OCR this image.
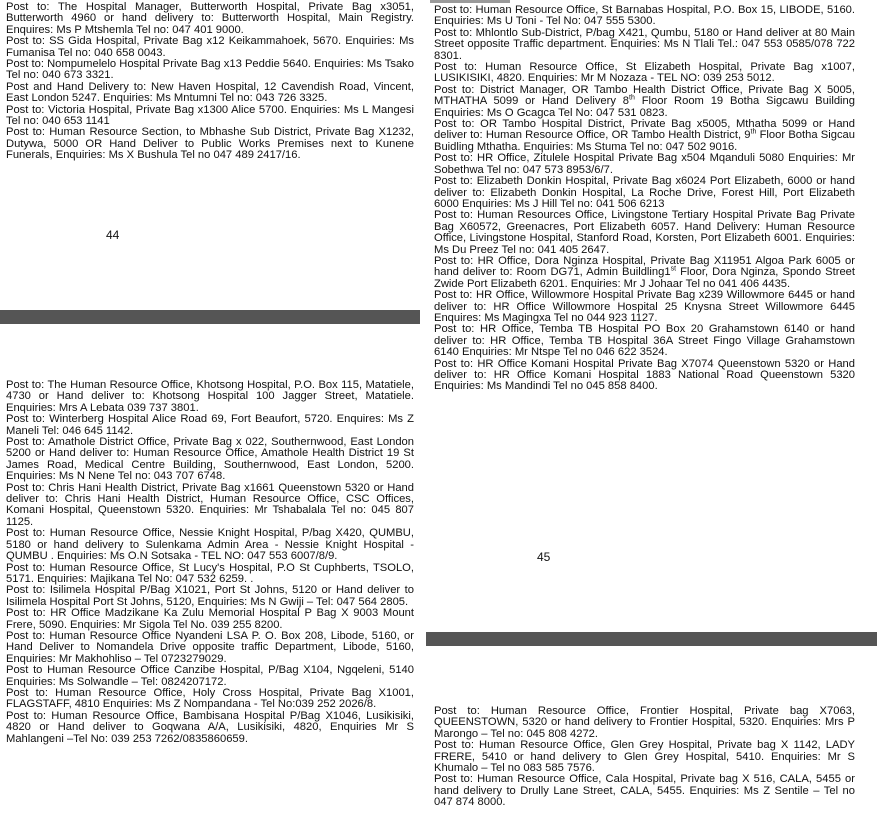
Post to: The Hospital Manager, Butterworth Hospital, Private Bag x3051, Butterworth 4960 or hand delivery to: Butterworth Hospital, Main Registry. Enquires: Ms P Mtshemla Tel no: 047 401 9000.

Post to: SS Gida Hospital, Private Bag x12 Keikammahoek, 5670. Enquiries: Ms Fumanisa Tel no: 040 658 0043.

Post to: Nompumelelo Hospital Private Bag x13 Peddie 5640. Enquiries: Ms Tsako Tel no: 040 673 3321.

Post and Hand Delivery to: New Haven Hospital, 12 Cavendish Road, Vincent, East London 5247. Enquiries: Ms Mntumni Tel no: 043 726 3325.

Post to: Victoria Hospital, Private Bag x1300 Alice 5700. Enquiries: Ms L Mangesi Tel no: 040 653 1141

Post to: Human Resource Section, to Mbhashe Sub District, Private Bag X1232, Dutywa, 5000 OR Hand Deliver to Public Works Premises next to Kunene Funerals, Enquiries: Ms X Bushula Tel no 047 489 2417/16.

44

Post to: The Human Resource Office, Khotsong Hospital, P.O. Box 115, Matatiele, 4730 or Hand deliver to: Khotsong Hospital 100 Jagger Street, Matatiele. Enquiries: Mrs A Lebata 039 737 3801.

Post to: Winterberg Hospital Alice Road 69, Fort Beaufort, 5720. Enquires: Ms Z Maneli Tel: 046 645 1142.

Post to: Amathole District Office, Private Bag x 022, Southernwood, East London 5200 or Hand deliver to: Human Resource Office, Amathole Health District 19 St James Road, Medical Centre Building, Southernwood, East London, 5200. Enquiries: Ms N Nene Tel no: 043 707 6748.

Post to: Chris Hani Health District, Private Bag x1661 Queenstown 5320 or Hand deliver to: Chris Hani Health District, Human Resource Office, CSC Offices, Komani Hospital, Queenstown 5320. Enquiries: Mr Tshabalala Tel no: 045 807 1125.

Post to: Human Resource Office, Nessie Knight Hospital, P/bag X420, QUMBU, 5180 or hand delivery to Sulenkama Admin Area - Nessie Knight Hospital - QUMBU . Enquiries: Ms O.N Sotsaka - TEL NO: 047 553 6007/8/9.

Post to: Human Resource Office, St Lucy's Hospital, P.O St Cuphberts, TSOLO, 5171. Enquiries: Majikana Tel No: 047 532 6259. .

Post to: Isilimela Hospital P/Bag X1021, Port St Johns, 5120 or Hand deliver to Isilimela Hospital Port St Johns, 5120, Enquiries: Ms N Gwiji – Tel: 047 564 2805.

Post to: HR Office Madzikane Ka Zulu Memorial Hospital P Bag X 9003 Mount Frere, 5090. Enquiries: Mr Sigola Tel No. 039 255 8200.

Post to: Human Resource Office Nyandeni LSA P. O. Box 208, Libode, 5160, or Hand Deliver to Nomandela Drive opposite traffic Department, Libode, 5160, Enquiries: Mr Makhohliso – Tel 0723279029.

Post to Human Resource Office Canzibe Hospital, P/Bag X104, Ngqeleni, 5140 Enquiries: Ms Solwandle – Tel: 0824207172.

Post to: Human Resource Office, Holy Cross Hospital, Private Bag X1001, FLAGSTAFF, 4810 Enquiries: Ms Z Nompandana - Tel No:039 252 2026/8.

Post to: Human Resource Office, Bambisana Hospital P/Bag X1046, Lusikisiki, 4820 or Hand deliver to Goqwana A/A, Lusikisiki, 4820, Enquiries Mr S Mahlangeni –Tel No: 039 253 7262/0835860659.

Post to: Human Resource Office, St Barnabas Hospital, P.O. Box 15, LIBODE, 5160. Enquiries: Ms U Toni - Tel No: 047 555 5300.

Post to: Mhlontlo Sub-District, P/bag X421, Qumbu, 5180 or Hand deliver at 80 Main Street opposite Traffic department. Enquiries: Ms N Tlali Tel.: 047 553 0585/078 722 8301.

Post to: Human Resource Office, St Elizabeth Hospital, Private Bag x1007, LUSIKISIKI, 4820. Enquiries: Mr M Nozaza - TEL NO: 039 253 5012.

Post to: District Manager, OR Tambo Health District Office, Private Bag X 5005, MTHATHA 5099 or Hand Delivery 8th Floor Room 19 Botha Sigcawu Building Enquiries: Ms O Gcagca Tel No: 047 531 0823.

Post to: OR Tambo Hospital District, Private Bag x5005, Mthatha 5099 or Hand deliver to: Human Resource Office, OR Tambo Health District, 9th Floor Botha Sigcau Buidling Mthatha. Enquiries: Ms Stuma Tel no: 047 502 9016.

Post to: HR Office, Zitulele Hospital Private Bag x504 Mqanduli 5080 Enquiries: Mr Sobethwa Tel no: 047 573 8953/6/7.

Post to: Elizabeth Donkin Hospital, Private Bag x6024 Port Elizabeth, 6000 or hand deliver to: Elizabeth Donkin Hospital, La Roche Drive, Forest Hill, Port Elizabeth 6000 Enquiries: Ms J Hill Tel no: 041 506 6213

Post to: Human Resources Office, Livingstone Tertiary Hospital Private Bag Private Bag X60572, Greenacres, Port Elizabeth 6057. Hand Delivery: Human Resource Office, Livingstone Hospital, Stanford Road, Korsten, Port Elizabeth 6001. Enquiries: Ms Du Preez Tel no: 041 405 2647.

Post to: HR Office, Dora Nginza Hospital, Private Bag X11951 Algoa Park 6005 or hand deliver to: Room DG71, Admin Buildling1st Floor, Dora Nginza, Spondo Street Zwide Port Elizabeth 6201. Enquiries: Mr J Johaar Tel no 041 406 4435.

Post to: HR Office, Willowmore Hospital Private Bag x239 Willowmore 6445 or hand deliver to: HR Office Willowmore Hospital 25 Knysna Street Willowmore 6445 Enquires: Ms Magingxa Tel no 044 923 1127.

Post to: HR Office, Temba TB Hospital PO Box 20 Grahamstown 6140 or hand deliver to: HR Office, Temba TB Hospital 36A Street Fingo Village Grahamstown 6140 Enquiries: Mr Ntspe Tel no 046 622 3524.

Post to: HR Office Komani Hospital Private Bag X7074 Queenstown 5320 or Hand deliver to: HR Office Komani Hospital 1883 National Road Queenstown 5320 Enquiries: Ms Mandindi Tel no 045 858 8400.

45

Post to: Human Resource Office, Frontier Hospital, Private bag X7063, QUEENSTOWN, 5320 or hand delivery to Frontier Hospital, 5320. Enquiries: Mrs P Marongo – Tel no: 045 808 4272.

Post to: Human Resource Office, Glen Grey Hospital, Private bag X 1142, LADY FRERE, 5410 or hand delivery to Glen Grey Hospital, 5410. Enquiries: Mr S Khumalo – Tel no 083 585 7576.

Post to: Human Resource Office, Cala Hospital, Private bag X 516, CALA, 5455 or hand delivery to Drully Lane Street, CALA, 5455. Enquiries: Ms Z Sentile – Tel no 047 874 8000.
